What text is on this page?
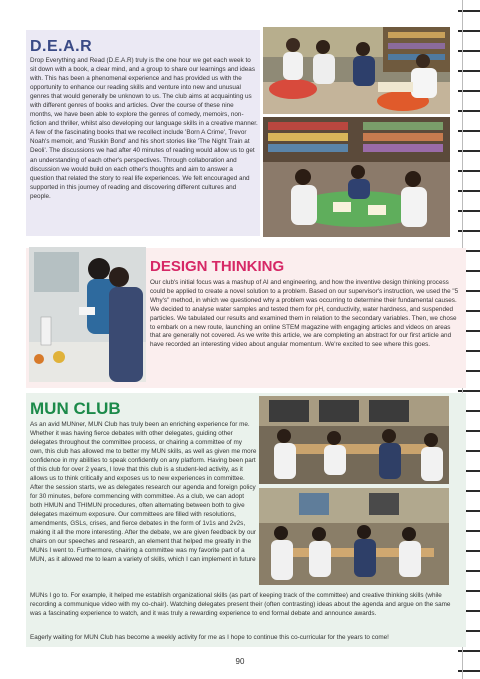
D.E.A.R
Drop Everything and Read (D.E.A.R) truly is the one hour we get each week to sit down with a book, a clear mind, and a group to share our learnings and ideas with. This has been a phenomenal experience and has provided us with the opportunity to enhance our reading skills and venture into new and unusual genres that would generally be unknown to us. The club aims at acquainting us with different genres of books and articles. Over the course of these nine months, we have been able to explore the genres of comedy, memoirs, non-fiction and thriller, whilst also developing our language skills in a creative manner. A few of the fascinating books that we recollect include 'Born A Crime', Trevor Noah's memoir, and 'Ruskin Bond' and his short stories like 'The Night Train at Deoli'. The discussions we had after 40 minutes of reading would allow us to get an understanding of each other's perspectives. Through collaboration and discussion we would build on each other's thoughts and aim to answer a question that related the story to real life experiences. We felt encouraged and supported in this journey of reading and discovering different cultures and people.
DESIGN THINKING
Our club's initial focus was a mashup of AI and engineering, and how the inventive design thinking process could be applied to create a novel solution to a problem. Based on our supervisor's instruction, we used the "5 Why's" method, in which we questioned why a problem was occurring to determine their fundamental causes. We decided to analyse water samples and tested them for pH, conductivity, water hardness, and suspended particles. We tabulated our results and examined them in relation to the secondary variables. Then, we chose to embark on a new route, launching an online STEM magazine with engaging articles and videos on areas that are generally not covered. As we write this article, we are completing an abstract for our first article and have recorded an interesting video about angular momentum. We're excited to see where this goes.
MUN CLUB
As an avid MUNner, MUN Club has truly been an enriching experience for me. Whether it was having fierce debates with other delegates, guiding other delegates throughout the committee process, or chairing a committee of my own, this club has allowed me to better my MUN skills, as well as given me more confidence in my abilities to speak confidently on any platform. Having been part of this club for over 2 years, I love that this club is a student-led activity, as it allows us to think critically and exposes us to new experiences in committee. After the session starts, we as delegates research our agenda and foreign policy for 30 minutes, before commencing with committee. As a club, we can adopt both HMUN and THIMUN procedures, often alternating between both to give delegates maximum exposure. Our committees are filled with resolutions, amendments, GSLs, crises, and fierce debates in the form of 1v1s and 2v2s, making it all the more interesting. After the debate, we are given feedback by our chairs on our speeches and research, an element that helped me greatly in the MUNs I went to. Furthermore, chairing a committee was my favorite part of a MUN, as it allowed me to learn a variety of skills, which I can implement in future
MUNs I go to. For example, it helped me establish organizational skills (as part of keeping track of the committee) and creative thinking skills (while recording a communique video with my co-chair). Watching delegates present their (often contrasting) ideas about the agenda and argue on the same was a fascinating experience to watch, and it was truly a rewarding experience to end formal debate and announce awards.
Eagerly waiting for MUN Club has become a weekly activity for me as I hope to continue this co-curricular for the years to come!
90
